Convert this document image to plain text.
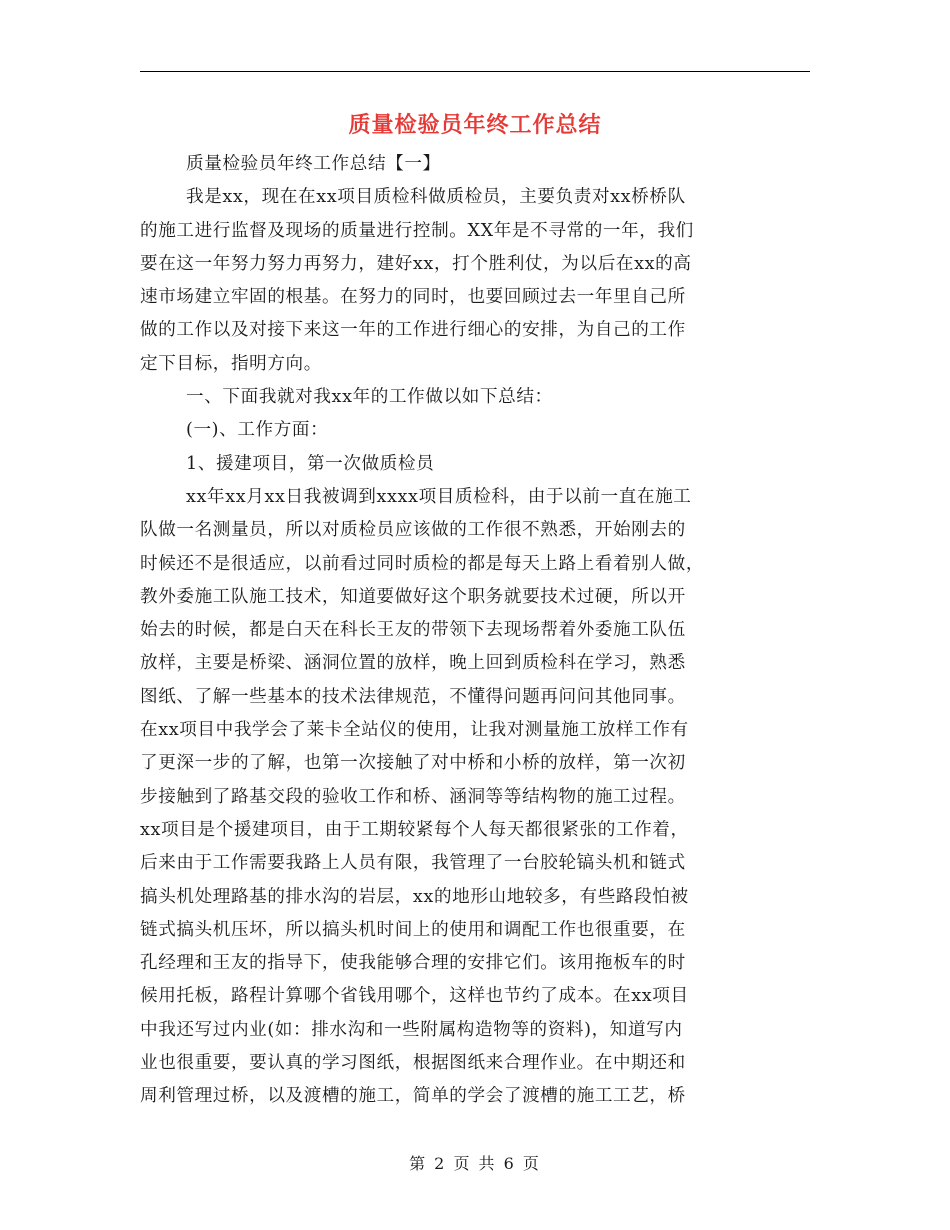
质量检验员年终工作总结
质量检验员年终工作总结【一】
我是xx，现在在xx项目质检科做质检员，主要负责对xx桥桥队
的施工进行监督及现场的质量进行控制。XX年是不寻常的一年，我们
要在这一年努力努力再努力，建好xx，打个胜利仗，为以后在xx的高
速市场建立牢固的根基。在努力的同时，也要回顾过去一年里自己所
做的工作以及对接下来这一年的工作进行细心的安排，为自己的工作
定下目标，指明方向。
一、下面我就对我xx年的工作做以如下总结：
(一)、工作方面：
1、援建项目，第一次做质检员
xx年xx月xx日我被调到xxxx项目质检科，由于以前一直在施工
队做一名测量员，所以对质检员应该做的工作很不熟悉，开始刚去的
时候还不是很适应，以前看过同时质检的都是每天上路上看着别人做，
教外委施工队施工技术，知道要做好这个职务就要技术过硬，所以开
始去的时候，都是白天在科长王友的带领下去现场帮着外委施工队伍
放样，主要是桥梁、涵洞位置的放样，晚上回到质检科在学习，熟悉
图纸、了解一些基本的技术法律规范，不懂得问题再问问其他同事。
在xx项目中我学会了莱卡全站仪的使用，让我对测量施工放样工作有
了更深一步的了解，也第一次接触了对中桥和小桥的放样，第一次初
步接触到了路基交段的验收工作和桥、涵洞等等结构物的施工过程。
xx项目是个援建项目，由于工期较紧每个人每天都很紧张的工作着，
后来由于工作需要我路上人员有限，我管理了一台胶轮镐头机和链式
搞头机处理路基的排水沟的岩层，xx的地形山地较多，有些路段怕被
链式搞头机压坏，所以搞头机时间上的使用和调配工作也很重要，在
孔经理和王友的指导下，使我能够合理的安排它们。该用拖板车的时
候用托板，路程计算哪个省钱用哪个，这样也节约了成本。在xx项目
中我还写过内业(如：排水沟和一些附属构造物等的资料)，知道写内
业也很重要，要认真的学习图纸，根据图纸来合理作业。在中期还和
周利管理过桥，以及渡槽的施工，简单的学会了渡槽的施工工艺，桥
第 2 页 共 6 页
